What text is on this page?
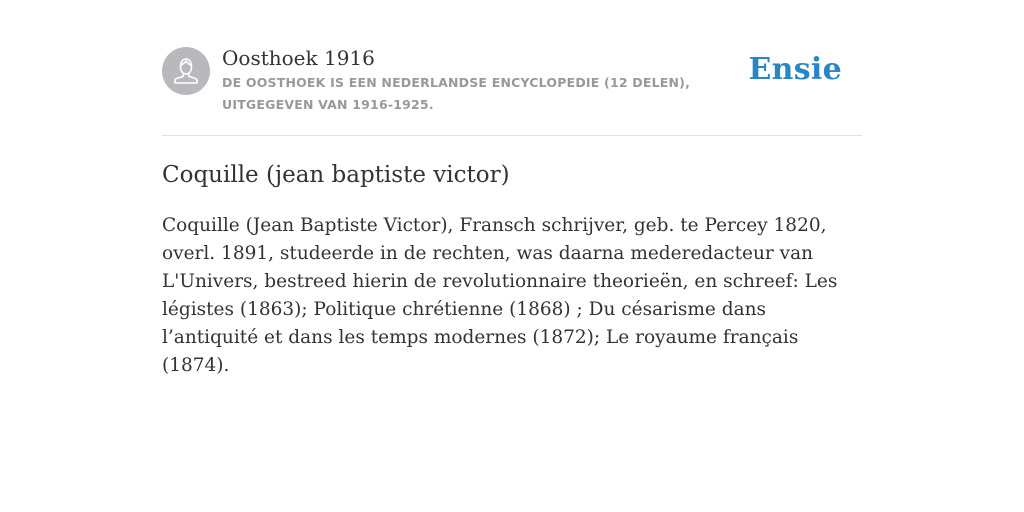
Oosthoek 1916
DE OOSTHOEK IS EEN NEDERLANDSE ENCYCLOPEDIE (12 DELEN), UITGEGEVEN VAN 1916-1925.
Ensie
Coquille (jean baptiste victor)

Coquille (Jean Baptiste Victor), Fransch schrijver, geb. te Percey 1820, overl. 1891, studeerde in de rechten, was daarna mederedacteur van L'Univers, bestreed hierin de revolutionnaire theorieën, en schreef: Les légistes (1863); Politique chrétienne (1868) ; Du césarisme dans l’antiquité et dans les temps modernes (1872); Le royaume français (1874).
